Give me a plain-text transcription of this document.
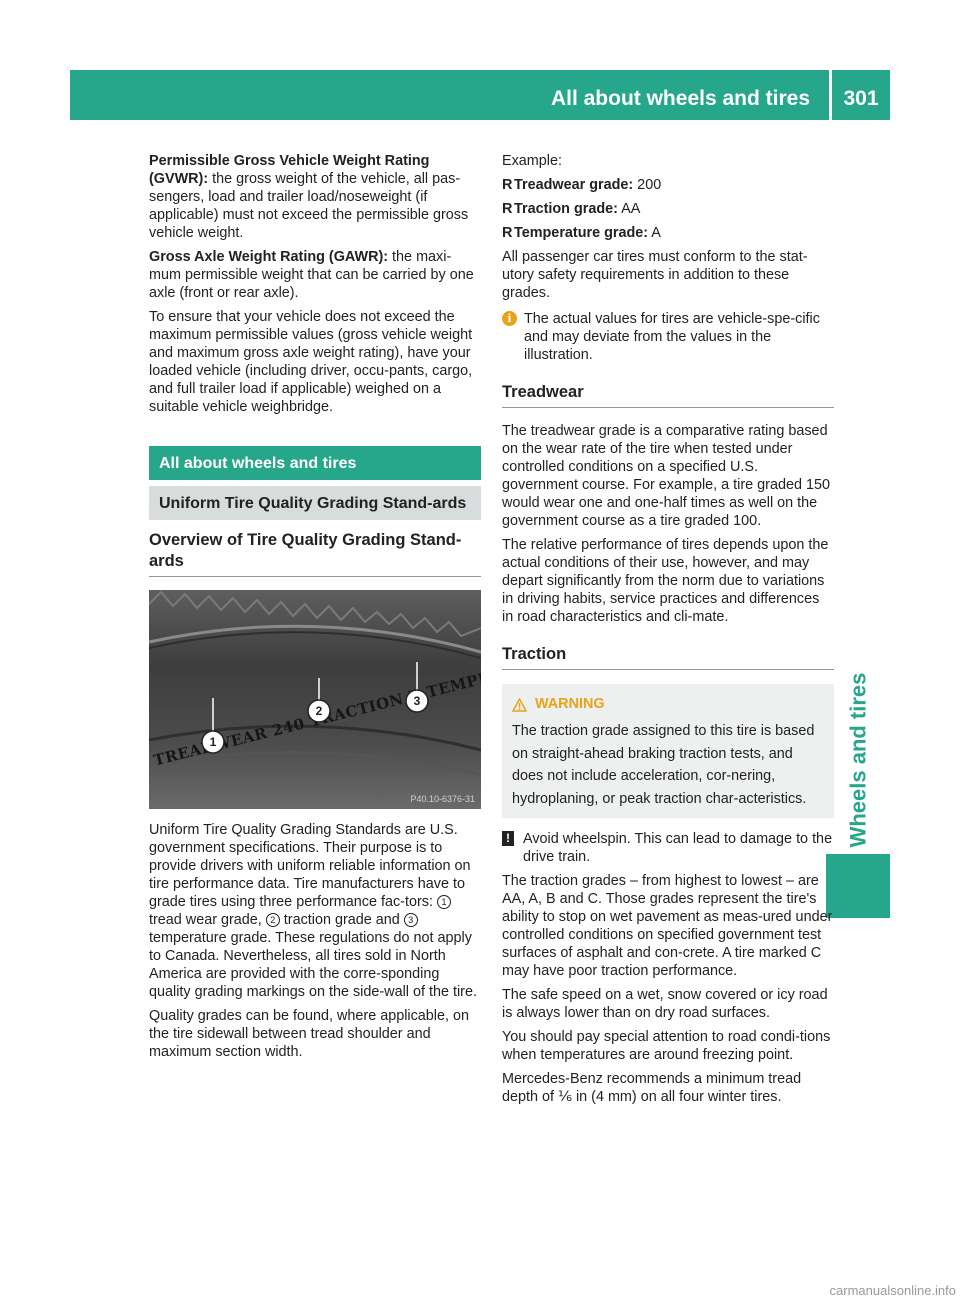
All about wheels and tires	301
Wheels and tires

Permissible Gross Vehicle Weight Rating (GVWR): the gross weight of the vehicle, all pas-sengers, load and trailer load/noseweight (if applicable) must not exceed the permissible gross vehicle weight.

Gross Axle Weight Rating (GAWR): the maxi-mum permissible weight that can be carried by one axle (front or rear axle).

To ensure that your vehicle does not exceed the maximum permissible values (gross vehicle weight and maximum gross axle weight rating), have your loaded vehicle (including driver, occu-pants, cargo, and full trailer load if applicable) weighed on a suitable vehicle weighbridge.

All about wheels and tires
Uniform Tire Quality Grading Stand-ards
Overview of Tire Quality Grading Stand-ards
240 TRACTION
1
2
3
P40.10-6376-31

Uniform Tire Quality Grading Standards are U.S. government specifications. Their purpose is to provide drivers with uniform reliable information on tire performance data. Tire manufacturers have to grade tires using three performance fac-tors: 1 tread wear grade, 2 traction grade and 3 temperature grade. These regulations do not apply to Canada. Nevertheless, all tires sold in North America are provided with the corre-sponding quality grading markings on the side-wall of the tire.

Quality grades can be found, where applicable, on the tire sidewall between tread shoulder and maximum section width.

Example:

R Treadwear grade: 200
R Traction grade: AA
R Temperature grade: A

All passenger car tires must conform to the stat-utory safety requirements in addition to these grades.

i The actual values for tires are vehicle-spe-cific and may deviate from the values in the illustration.
Treadwear

The treadwear grade is a comparative rating based on the wear rate of the tire when tested under controlled conditions on a specified U.S. government course. For example, a tire graded 150 would wear one and one-half times as well on the government course as a tire graded 100.

The relative performance of tires depends upon the actual conditions of their use, however, and may depart significantly from the norm due to variations in driving habits, service practices and differences in road characteristics and cli-mate.

Traction
WARNING

The traction grade assigned to this tire is based on straight-ahead braking traction tests, and does not include acceleration, cor-nering, hydroplaning, or peak traction char-acteristics.

! Avoid wheelspin. This can lead to damage to the drive train.

The traction grades – from highest to lowest – are AA, A, B and C. Those grades represent the tire's ability to stop on wet pavement as meas-ured under controlled conditions on specified government test surfaces of asphalt and con-crete. A tire marked C may have poor traction performance.

The safe speed on a wet, snow covered or icy road is always lower than on dry road surfaces.

You should pay special attention to road condi-tions when temperatures are around freezing point.

Mercedes-Benz recommends a minimum tread depth of ⅙ in (4 mm) on all four winter tires.

carmanualsonline.info
